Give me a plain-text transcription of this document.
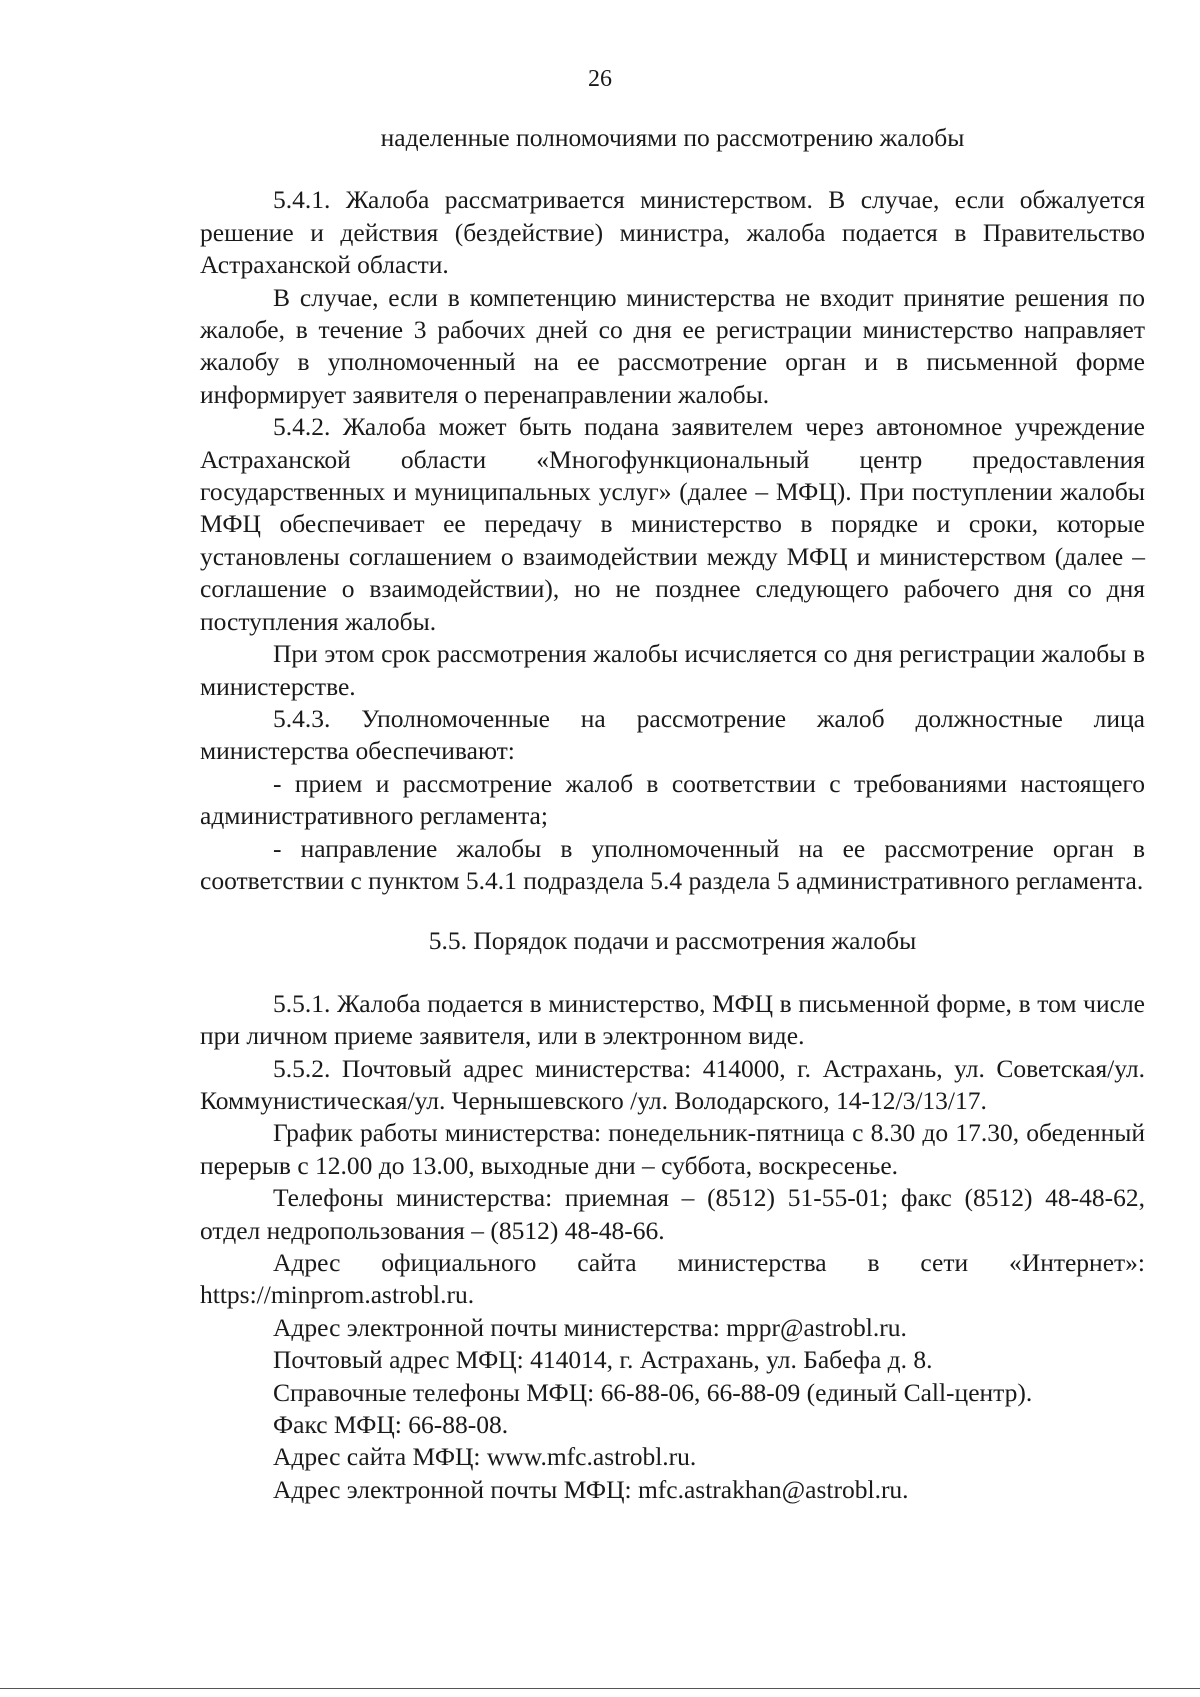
26

наделенные полномочиями по рассмотрению жалобы

5.4.1. Жалоба рассматривается министерством. В случае, если обжалуется решение и действия (бездействие) министра, жалоба подается в Правительство Астраханской области.

В случае, если в компетенцию министерства не входит принятие решения по жалобе, в течение 3 рабочих дней со дня ее регистрации министерство направляет жалобу в уполномоченный на ее рассмотрение орган и в письменной форме информирует заявителя о перенаправлении жалобы.

5.4.2. Жалоба может быть подана заявителем через автономное учреждение Астраханской области «Многофункциональный центр предоставления государственных и муниципальных услуг» (далее – МФЦ). При поступлении жалобы МФЦ обеспечивает ее передачу в министерство в порядке и сроки, которые установлены соглашением о взаимодействии между МФЦ и министерством (далее – соглашение о взаимодействии), но не позднее следующего рабочего дня со дня поступления жалобы.

При этом срок рассмотрения жалобы исчисляется со дня регистрации жалобы в министерстве.

5.4.3. Уполномоченные на рассмотрение жалоб должностные лица министерства обеспечивают:

- прием и рассмотрение жалоб в соответствии с требованиями настоящего административного регламента;

- направление жалобы в уполномоченный на ее рассмотрение орган в соответствии с пунктом 5.4.1 подраздела 5.4 раздела 5 административного регламента.

5.5. Порядок подачи и рассмотрения жалобы

5.5.1. Жалоба подается в министерство, МФЦ в письменной форме, в том числе при личном приеме заявителя, или в электронном виде.

5.5.2. Почтовый адрес министерства: 414000, г. Астрахань, ул. Советская/ул. Коммунистическая/ул. Чернышевского /ул. Володарского, 14-12/3/13/17.

График работы министерства: понедельник-пятница с 8.30 до 17.30, обеденный перерыв с 12.00 до 13.00, выходные дни – суббота, воскресенье.

Телефоны министерства: приемная – (8512) 51-55-01; факс (8512) 48-48-62, отдел недропользования – (8512) 48-48-66.

Адрес официального сайта министерства в сети «Интернет»: https://minprom.astrobl.ru.

Адрес электронной почты министерства: mppr@astrobl.ru.

Почтовый адрес МФЦ: 414014, г. Астрахань, ул. Бабефа д. 8.

Справочные телефоны МФЦ: 66-88-06, 66-88-09 (единый Call-центр).

Факс МФЦ: 66-88-08.

Адрес сайта МФЦ: www.mfc.astrobl.ru.

Адрес электронной почты МФЦ: mfc.astrakhan@astrobl.ru.
